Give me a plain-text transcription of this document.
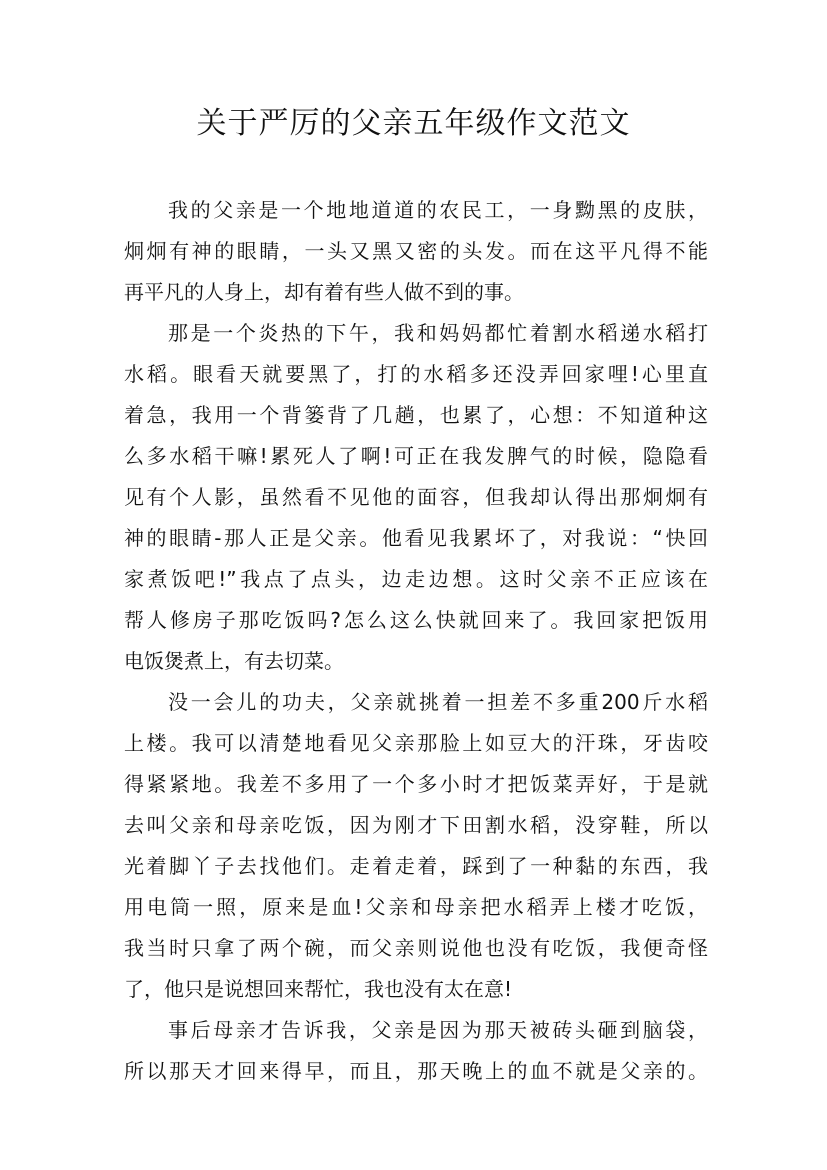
关于严厉的父亲五年级作文范文
我的父亲是一个地地道道的农民工，一身黝黑的皮肤，
炯炯有神的眼睛，一头又黑又密的头发。而在这平凡得不能
再平凡的人身上，却有着有些人做不到的事。
那是一个炎热的下午，我和妈妈都忙着割水稻递水稻打
水稻。眼看天就要黑了，打的水稻多还没弄回家哩!心里直
着急，我用一个背篓背了几趟，也累了，心想：不知道种这
么多水稻干嘛!累死人了啊!可正在我发脾气的时候，隐隐看
见有个人影，虽然看不见他的面容，但我却认得出那炯炯有
神的眼睛-那人正是父亲。他看见我累坏了，对我说：“快回
家煮饭吧!”我点了点头，边走边想。这时父亲不正应该在
帮人修房子那吃饭吗?怎么这么快就回来了。我回家把饭用
电饭煲煮上，有去切菜。
没一会儿的功夫，父亲就挑着一担差不多重200斤水稻
上楼。我可以清楚地看见父亲那脸上如豆大的汗珠，牙齿咬
得紧紧地。我差不多用了一个多小时才把饭菜弄好，于是就
去叫父亲和母亲吃饭，因为刚才下田割水稻，没穿鞋，所以
光着脚丫子去找他们。走着走着，踩到了一种黏的东西，我
用电筒一照，原来是血!父亲和母亲把水稻弄上楼才吃饭，
我当时只拿了两个碗，而父亲则说他也没有吃饭，我便奇怪
了，他只是说想回来帮忙，我也没有太在意!
事后母亲才告诉我，父亲是因为那天被砖头砸到脑袋，
所以那天才回来得早，而且，那天晚上的血不就是父亲的。
